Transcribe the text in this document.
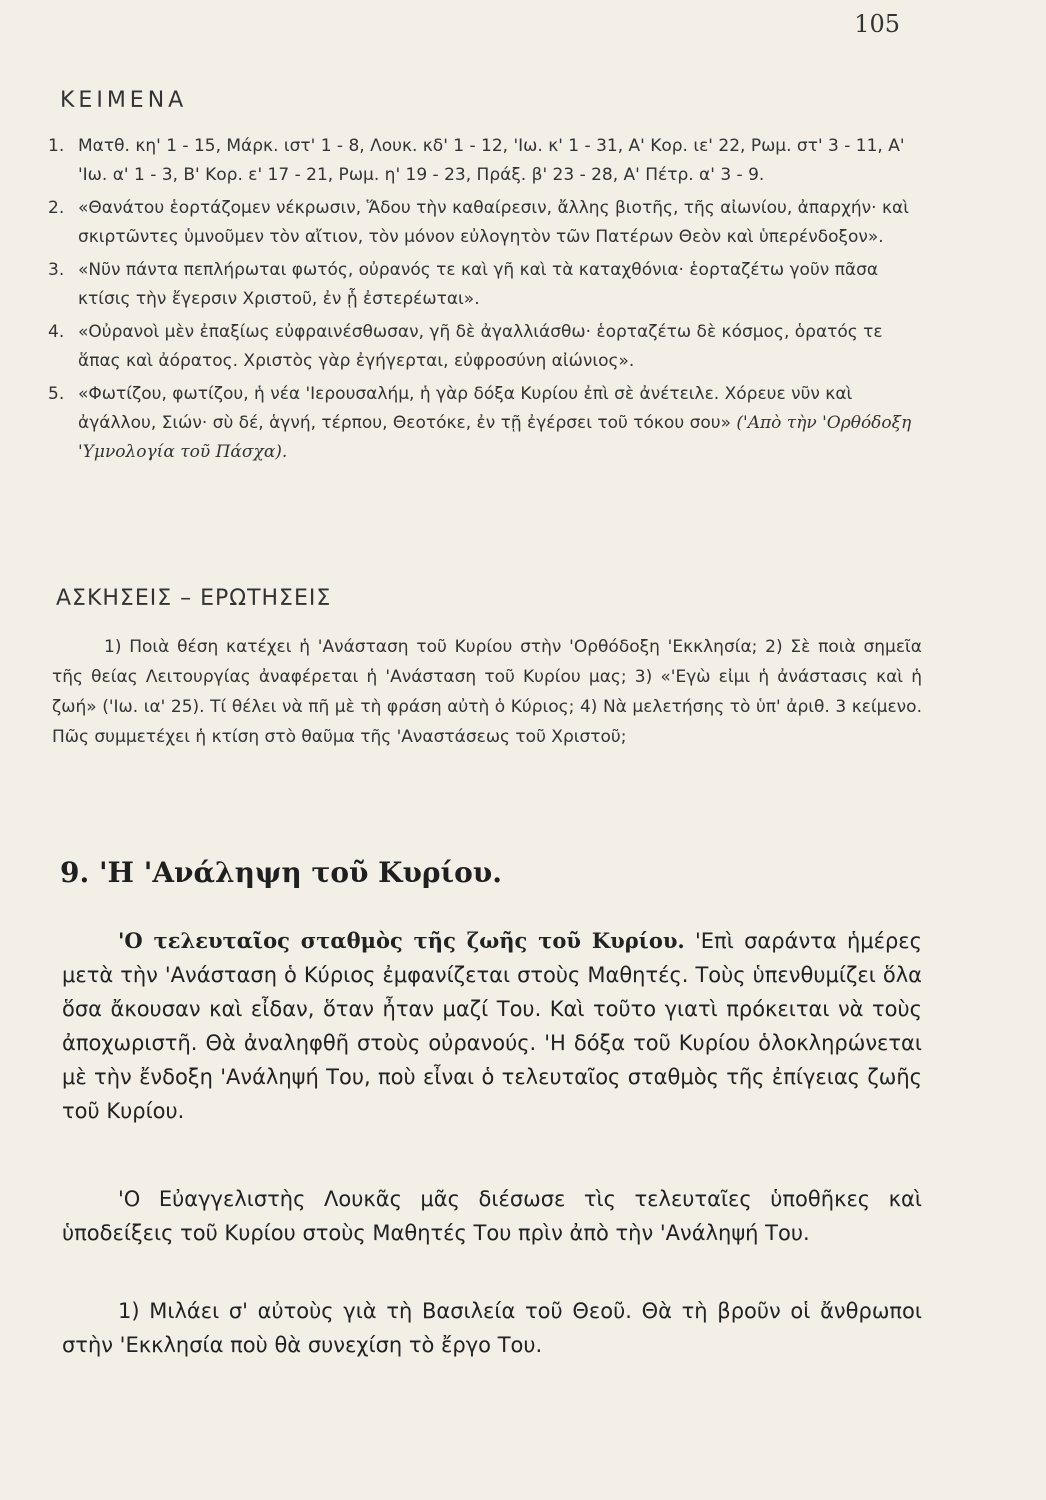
105
ΚΕΙΜΕΝΑ
1. Ματθ. κη' 1 - 15, Μάρκ. ιστ' 1 - 8, Λουκ. κδ' 1 - 12, 'Ιω. κ' 1 - 31, Α' Κορ. ιε' 22, Ρωμ. στ' 3 - 11, Α' 'Ιω. α' 1 - 3, Β' Κορ. ε' 17 - 21, Ρωμ. η' 19 - 23, Πράξ. β' 23 - 28, Α' Πέτρ. α' 3 - 9.
2. «Θανάτου ἑορτάζομεν νέκρωσιν, Ἅδου τὴν καθαίρεσιν, ἄλλης βιοτῆς, τῆς αἰωνίου, ἀπαρχήν· καὶ σκιρτῶντες ὑμνοῦμεν τὸν αἴτιον, τὸν μόνον εὐλογητὸν τῶν Πατέρων Θεὸν καὶ ὑπερένδοξον».
3. «Νῦν πάντα πεπλήρωται φωτός, οὐρανός τε καὶ γῆ καὶ τὰ καταχθόνια· ἑορταζέτω γοῦν πᾶσα κτίσις τὴν ἔγερσιν Χριστοῦ, ἐν ᾗ ἐστερέωται».
4. «Οὐρανοὶ μὲν ἐπαξίως εὐφραινέσθωσαν, γῆ δὲ ἀγαλλιάσθω· ἑορταζέτω δὲ κόσμος, ὁρατός τε ἅπας καὶ ἀόρατος. Χριστὸς γὰρ ἐγήγερται, εὐφροσύνη αἰώνιος».
5. «Φωτίζου, φωτίζου, ἡ νέα 'Ιερουσαλήμ, ἡ γὰρ δόξα Κυρίου ἐπὶ σὲ ἀνέτειλε. Χόρευε νῦν καὶ ἀγάλλου, Σιών· σὺ δέ, ἁγνή, τέρπου, Θεοτόκε, ἐν τῇ ἐγέρσει τοῦ τόκου σου» ('Απὸ τὴν 'Ορθόδοξη 'Υμνολογία τοῦ Πάσχα).
ΑΣΚΗΣΕΙΣ – ΕΡΩΤΗΣΕΙΣ
1) Ποιὰ θέση κατέχει ἡ 'Ανάσταση τοῦ Κυρίου στὴν 'Ορθόδοξη 'Εκκλησία; 2) Σὲ ποιὰ σημεῖα τῆς θείας Λειτουργίας ἀναφέρεται ἡ 'Ανάσταση τοῦ Κυρίου μας; 3) «'Εγὼ εἰμι ἡ ἀνάστασις καὶ ἡ ζωή» ('Ιω. ια' 25). Τί θέλει νὰ πῆ μὲ τὴ φράση αὐτὴ ὁ Κύριος; 4) Νὰ μελετήσης τὸ ὑπ' ἀριθ. 3 κείμενο. Πῶς συμμετέχει ἡ κτίση στὸ θαῦμα τῆς 'Αναστάσεως τοῦ Χριστοῦ;
9. 'Η 'Ανάληψη τοῦ Κυρίου.

'Ο τελευταῖος σταθμὸς τῆς ζωῆς τοῦ Κυρίου. 'Επὶ σαράντα ἡμέρες μετὰ τὴν 'Ανάσταση ὁ Κύριος ἐμφανίζεται στοὺς Μαθητές. Τοὺς ὑπενθυμίζει ὅλα ὅσα ἄκουσαν καὶ εἶδαν, ὅταν ἦταν μαζί Του. Καὶ τοῦτο γιατὶ πρόκειται νὰ τοὺς ἀποχωριστῆ. Θὰ ἀναληφθῆ στοὺς οὐρανούς. 'Η δόξα τοῦ Κυρίου ὁλοκληρώνεται μὲ τὴν ἔνδοξη 'Ανάληψή Του, ποὺ εἶναι ὁ τελευταῖος σταθμὸς τῆς ἐπίγειας ζωῆς τοῦ Κυρίου.

'Ο Εὐαγγελιστὴς Λουκᾶς μᾶς διέσωσε τὶς τελευταῖες ὑποθῆκες καὶ ὑποδείξεις τοῦ Κυρίου στοὺς Μαθητές Του πρὶν ἀπὸ τὴν 'Ανάληψή Του.

1) Μιλάει σ' αὐτοὺς γιὰ τὴ Βασιλεία τοῦ Θεοῦ. Θὰ τὴ βροῦν οἱ ἄνθρωποι στὴν 'Εκκλησία ποὺ θὰ συνεχίση τὸ ἔργο Του.
